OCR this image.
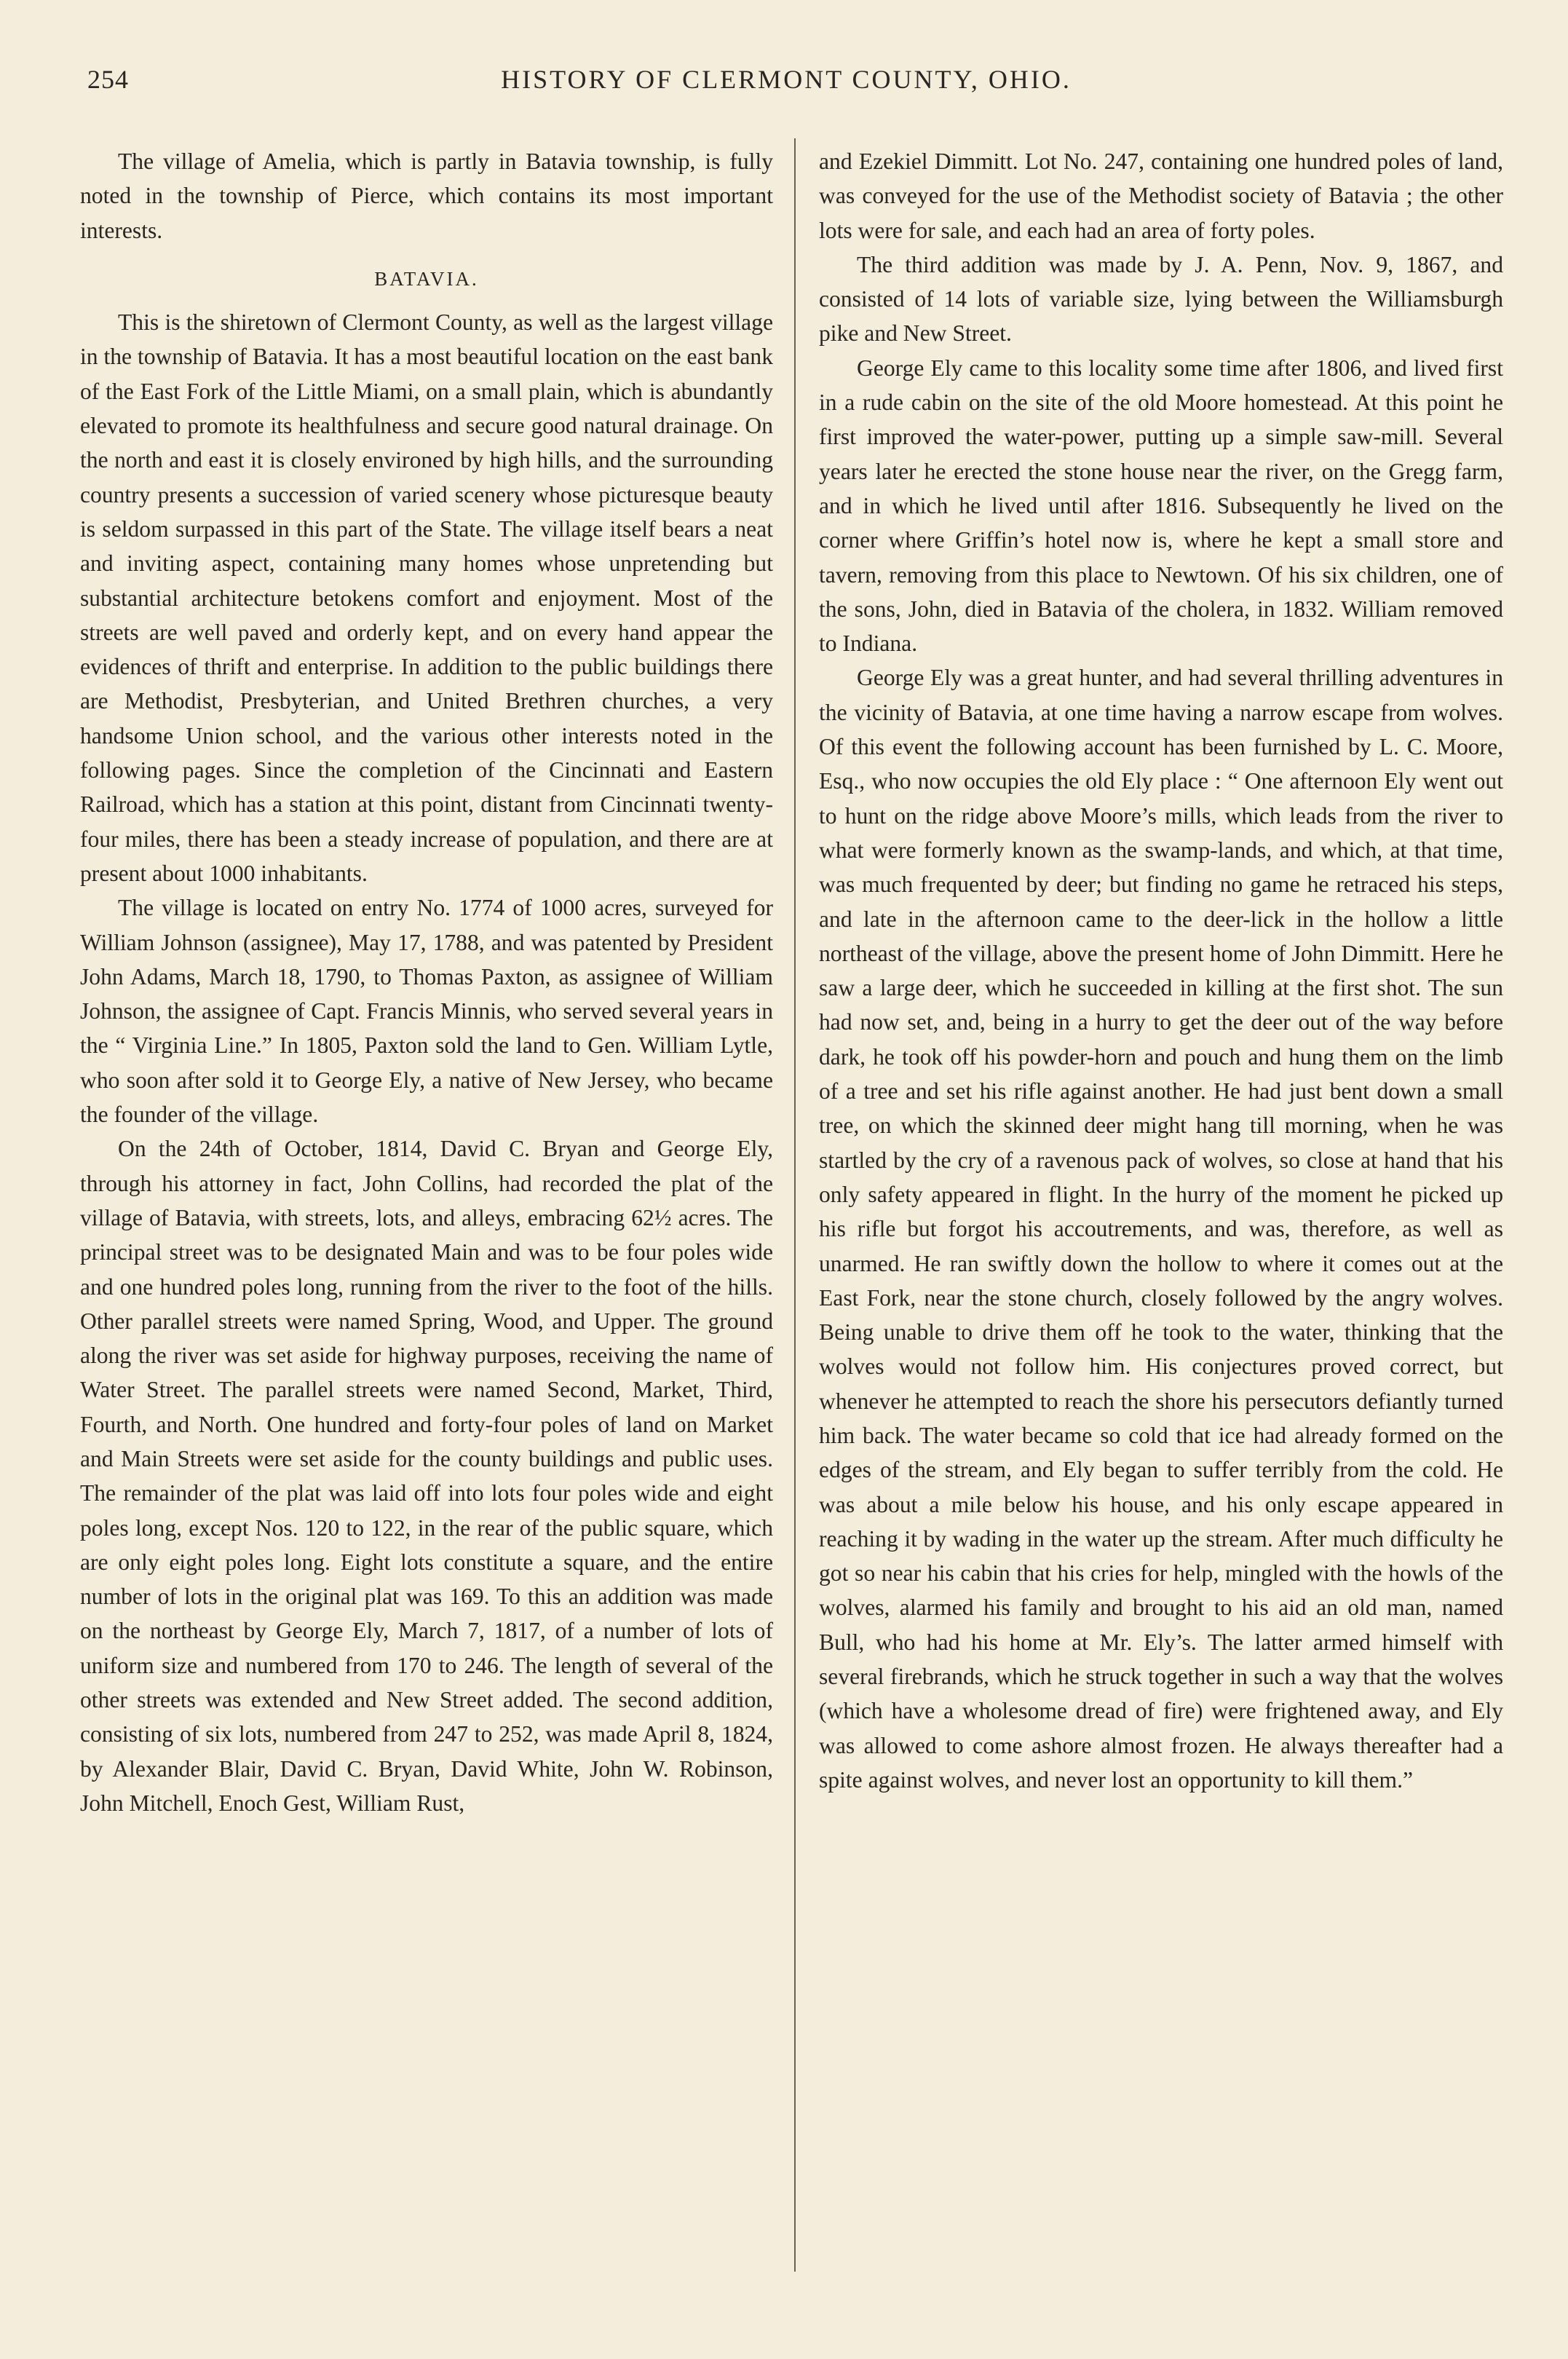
254	HISTORY OF CLERMONT COUNTY, OHIO.

The village of Amelia, which is partly in Batavia township, is fully noted in the township of Pierce, which contains its most important interests.

BATAVIA.

This is the shiretown of Clermont County, as well as the largest village in the township of Batavia. It has a most beautiful location on the east bank of the East Fork of the Little Miami, on a small plain, which is abundantly elevated to promote its healthfulness and secure good natural drainage. On the north and east it is closely environed by high hills, and the surrounding country presents a succession of varied scenery whose picturesque beauty is seldom surpassed in this part of the State. The village itself bears a neat and inviting aspect, containing many homes whose unpretending but substantial architecture betokens comfort and enjoyment. Most of the streets are well paved and orderly kept, and on every hand appear the evidences of thrift and enterprise. In addition to the public buildings there are Methodist, Presbyterian, and United Brethren churches, a very handsome Union school, and the various other interests noted in the following pages. Since the completion of the Cincinnati and Eastern Railroad, which has a station at this point, distant from Cincinnati twenty-four miles, there has been a steady increase of population, and there are at present about 1000 inhabitants.

The village is located on entry No. 1774 of 1000 acres, surveyed for William Johnson (assignee), May 17, 1788, and was patented by President John Adams, March 18, 1790, to Thomas Paxton, as assignee of William Johnson, the assignee of Capt. Francis Minnis, who served several years in the “ Virginia Line.” In 1805, Paxton sold the land to Gen. William Lytle, who soon after sold it to George Ely, a native of New Jersey, who became the founder of the village.

On the 24th of October, 1814, David C. Bryan and George Ely, through his attorney in fact, John Collins, had recorded the plat of the village of Batavia, with streets, lots, and alleys, embracing 62½ acres. The principal street was to be designated Main and was to be four poles wide and one hundred poles long, running from the river to the foot of the hills. Other parallel streets were named Spring, Wood, and Upper. The ground along the river was set aside for highway purposes, receiving the name of Water Street. The parallel streets were named Second, Market, Third, Fourth, and North. One hundred and forty-four poles of land on Market and Main Streets were set aside for the county buildings and public uses. The remainder of the plat was laid off into lots four poles wide and eight poles long, except Nos. 120 to 122, in the rear of the public square, which are only eight poles long. Eight lots constitute a square, and the entire number of lots in the original plat was 169. To this an addition was made on the northeast by George Ely, March 7, 1817, of a number of lots of uniform size and numbered from 170 to 246. The length of several of the other streets was extended and New Street added. The second addition, consisting of six lots, numbered from 247 to 252, was made April 8, 1824, by Alexander Blair, David C. Bryan, David White, John W. Robinson, John Mitchell, Enoch Gest, William Rust,

and Ezekiel Dimmitt. Lot No. 247, containing one hundred poles of land, was conveyed for the use of the Methodist society of Batavia ; the other lots were for sale, and each had an area of forty poles.

The third addition was made by J. A. Penn, Nov. 9, 1867, and consisted of 14 lots of variable size, lying between the Williamsburgh pike and New Street.

George Ely came to this locality some time after 1806, and lived first in a rude cabin on the site of the old Moore homestead. At this point he first improved the water-power, putting up a simple saw-mill. Several years later he erected the stone house near the river, on the Gregg farm, and in which he lived until after 1816. Subsequently he lived on the corner where Griffin’s hotel now is, where he kept a small store and tavern, removing from this place to Newtown. Of his six children, one of the sons, John, died in Batavia of the cholera, in 1832. William removed to Indiana.

George Ely was a great hunter, and had several thrilling adventures in the vicinity of Batavia, at one time having a narrow escape from wolves. Of this event the following account has been furnished by L. C. Moore, Esq., who now occupies the old Ely place : “ One afternoon Ely went out to hunt on the ridge above Moore’s mills, which leads from the river to what were formerly known as the swamp-lands, and which, at that time, was much frequented by deer; but finding no game he retraced his steps, and late in the afternoon came to the deer-lick in the hollow a little northeast of the village, above the present home of John Dimmitt. Here he saw a large deer, which he succeeded in killing at the first shot. The sun had now set, and, being in a hurry to get the deer out of the way before dark, he took off his powder-horn and pouch and hung them on the limb of a tree and set his rifle against another. He had just bent down a small tree, on which the skinned deer might hang till morning, when he was startled by the cry of a ravenous pack of wolves, so close at hand that his only safety appeared in flight. In the hurry of the moment he picked up his rifle but forgot his accoutrements, and was, therefore, as well as unarmed. He ran swiftly down the hollow to where it comes out at the East Fork, near the stone church, closely followed by the angry wolves. Being unable to drive them off he took to the water, thinking that the wolves would not follow him. His conjectures proved correct, but whenever he attempted to reach the shore his persecutors defiantly turned him back. The water became so cold that ice had already formed on the edges of the stream, and Ely began to suffer terribly from the cold. He was about a mile below his house, and his only escape appeared in reaching it by wading in the water up the stream. After much difficulty he got so near his cabin that his cries for help, mingled with the howls of the wolves, alarmed his family and brought to his aid an old man, named Bull, who had his home at Mr. Ely’s. The latter armed himself with several firebrands, which he struck together in such a way that the wolves (which have a wholesome dread of fire) were frightened away, and Ely was allowed to come ashore almost frozen. He always thereafter had a spite against wolves, and never lost an opportunity to kill them.”
